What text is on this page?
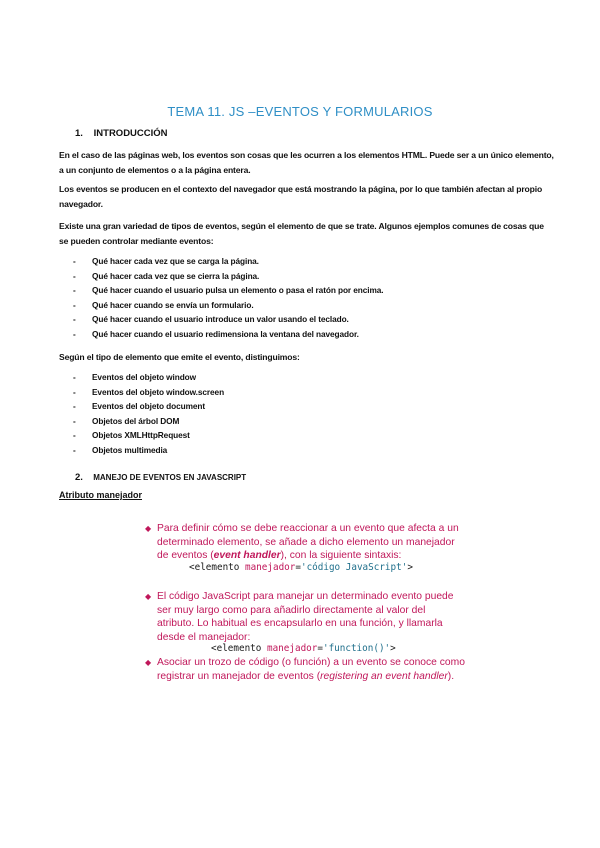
TEMA 11. JS –EVENTOS Y FORMULARIOS
1. INTRODUCCIÓN

En el caso de las páginas web, los eventos son cosas que les ocurren a los elementos HTML. Puede ser a un único elemento, a un conjunto de elementos o a la página entera.

Los eventos se producen en el contexto del navegador que está mostrando la página, por lo que también afectan al propio navegador.

Existe una gran variedad de tipos de eventos, según el elemento de que se trate. Algunos ejemplos comunes de cosas que se pueden controlar mediante eventos:

- Qué hacer cada vez que se carga la página.
- Qué hacer cada vez que se cierra la página.
- Qué hacer cuando el usuario pulsa un elemento o pasa el ratón por encima.
- Qué hacer cuando se envía un formulario.
- Qué hacer cuando el usuario introduce un valor usando el teclado.
- Qué hacer cuando el usuario redimensiona la ventana del navegador.

Según el tipo de elemento que emite el evento, distinguimos:

- Eventos del objeto window
- Eventos del objeto window.screen
- Eventos del objeto document
- Objetos del árbol DOM
- Objetos XMLHttpRequest
- Objetos multimedia
2. MANEJO DE EVENTOS EN JAVASCRIPT
Atributo manejador
◆ Para definir cómo se debe reaccionar a un evento que afecta a un determinado elemento, se añade a dicho elemento un manejador de eventos (event handler), con la siguiente sintaxis:
<elemento manejador='código JavaScript'>
◆ El código JavaScript para manejar un determinado evento puede ser muy largo como para añadirlo directamente al valor del atributo. Lo habitual es encapsularlo en una función, y llamarla desde el manejador:
<elemento manejador='function()'>
◆ Asociar un trozo de código (o función) a un evento se conoce como registrar un manejador de eventos (registering an event handler).
